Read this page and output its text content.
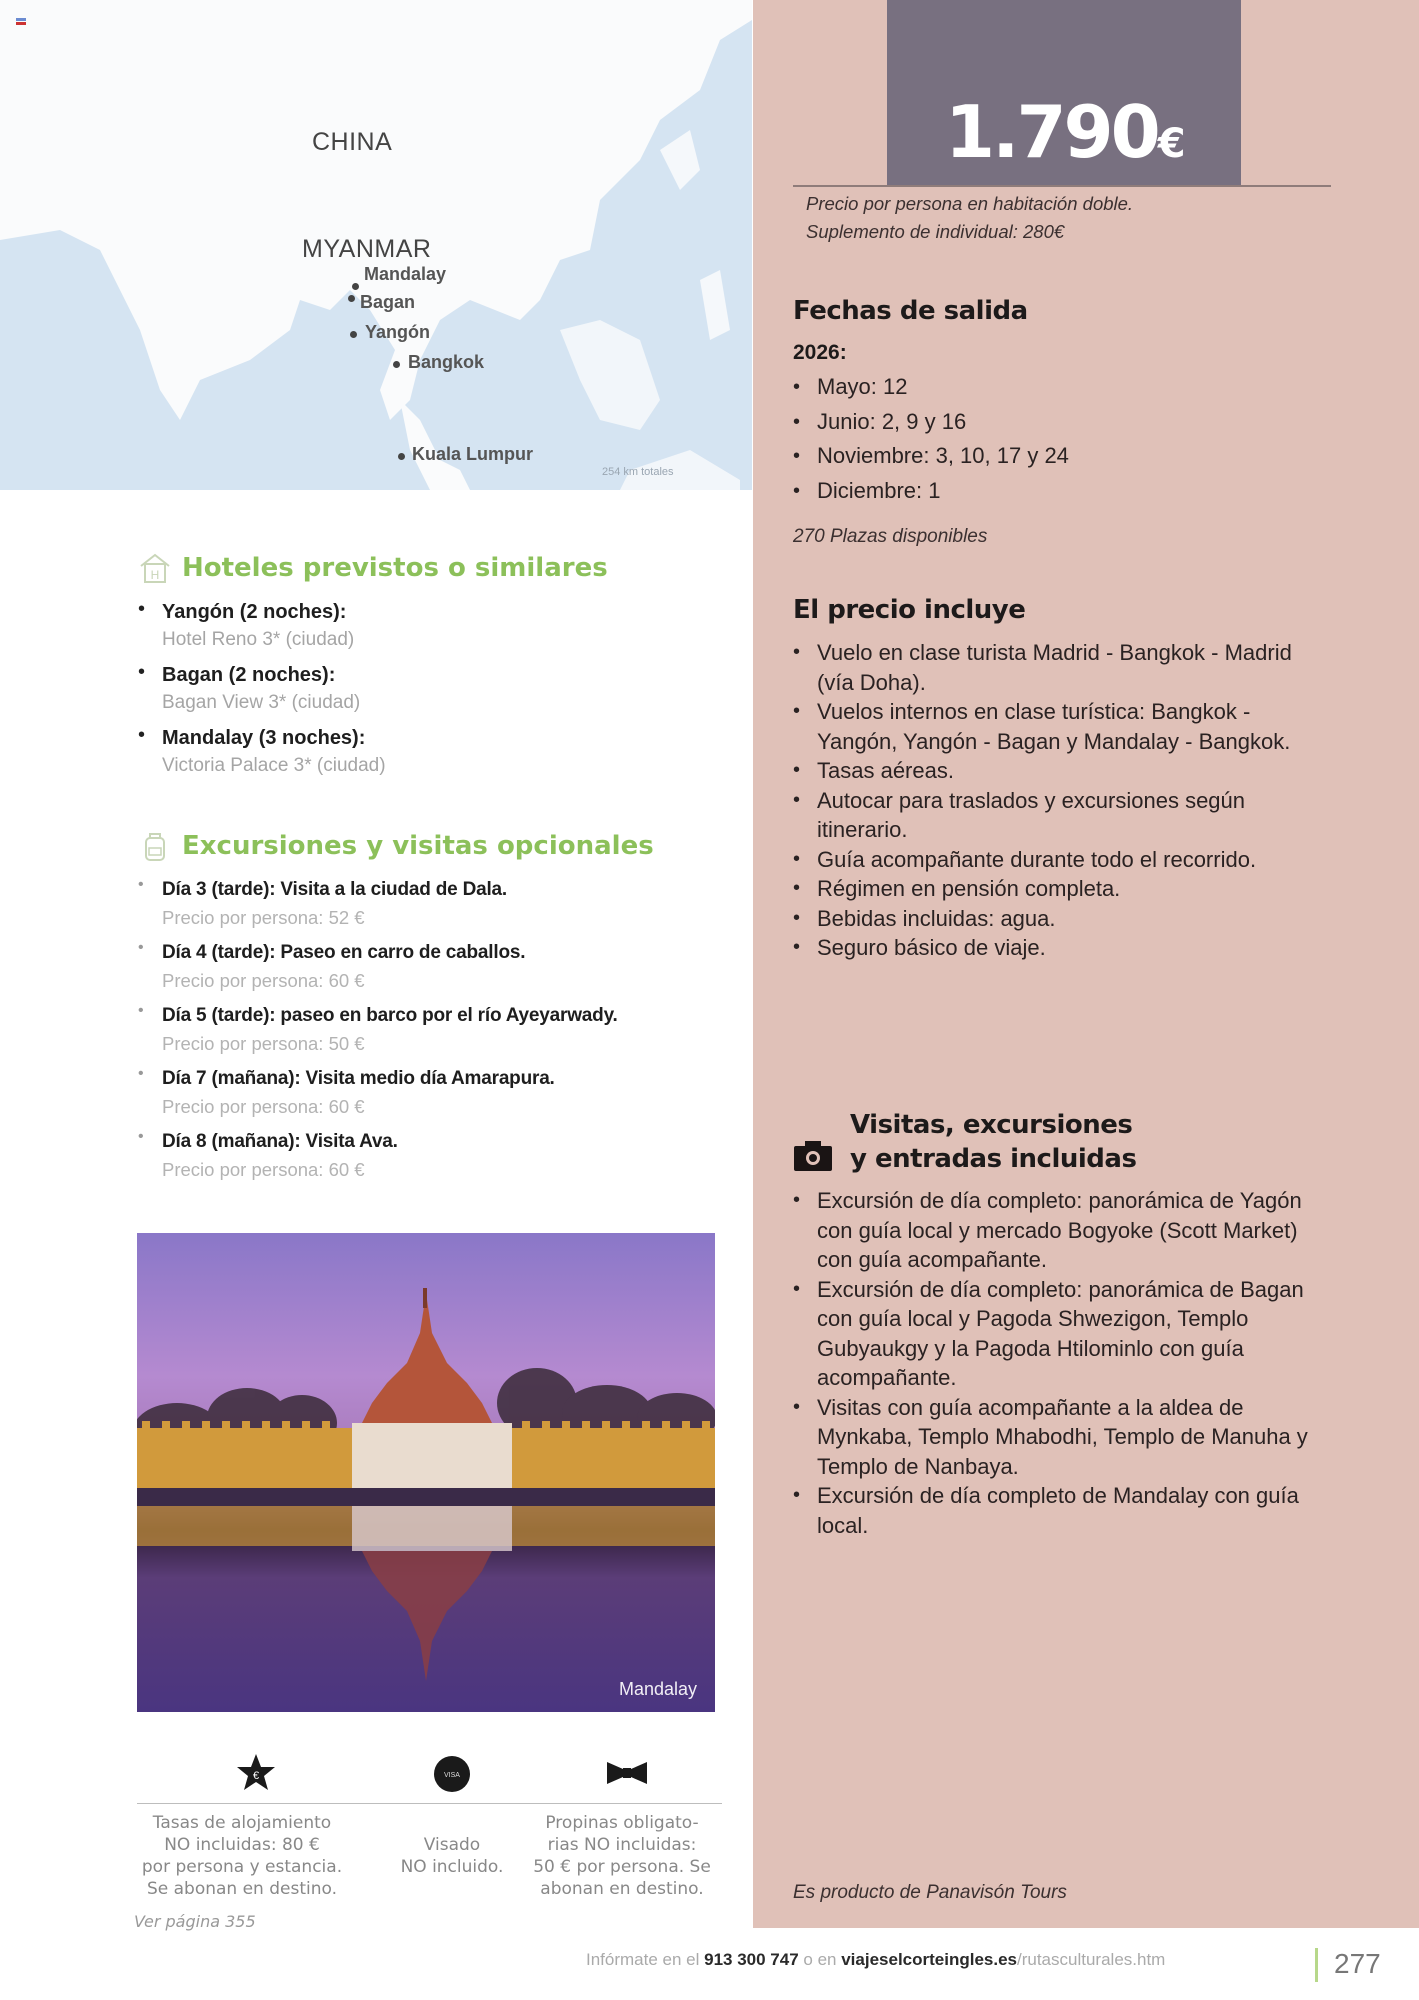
CHINA
MYANMAR
Mandalay
Bagan
Yangón
Bangkok
Kuala Lumpur
254 km totales
H Hoteles previstos o similares
• Yangón (2 noches):
Hotel Reno 3* (ciudad)
• Bagan (2 noches):
Bagan View 3* (ciudad)
• Mandalay (3 noches):
Victoria Palace 3* (ciudad)
Excursiones y visitas opcionales
• Día 3 (tarde): Visita a la ciudad de Dala.
Precio por persona: 52 €
• Día 4 (tarde): Paseo en carro de caballos.
Precio por persona: 60 €
• Día 5 (tarde): paseo en barco por el río Ayeyarwady.
Precio por persona: 50 €
• Día 7 (mañana): Visita medio día Amarapura.
Precio por persona: 60 €
• Día 8 (mañana): Visita Ava.
Precio por persona: 60 €
Mandalay
€	VISA
Tasas de alojamiento
NO incluidas: 80 €
por persona y estancia.
Se abonan en destino.
Visado
NO incluido.
Propinas obligato-
rias NO incluidas:
50 € por persona. Se
abonan en destino.
Ver página 355
1.790€
Precio por persona en habitación doble.
Suplemento de individual: 280€
Fechas de salida
2026:
• Mayo: 12
• Junio: 2, 9 y 16
• Noviembre: 3, 10, 17 y 24
• Diciembre: 1
270 Plazas disponibles
El precio incluye
• Vuelo en clase turista Madrid - Bangkok - Madrid (vía Doha).
• Vuelos internos en clase turística: Bangkok - Yangón, Yangón - Bagan y Mandalay - Bangkok.
• Tasas aéreas.
• Autocar para traslados y excursiones según itinerario.
• Guía acompañante durante todo el recorrido.
• Régimen en pensión completa.
• Bebidas incluidas: agua.
• Seguro básico de viaje.
Visitas, excursiones
y entradas incluidas
• Excursión de día completo: panorámica de Yagón con guía local y mercado Bogyoke (Scott Market) con guía acompañante.
• Excursión de día completo: panorámica de Bagan con guía local y Pagoda Shwezigon, Templo Gubyaukgy y la Pagoda Htilominlo con guía acompañante.
• Visitas con guía acompañante a la aldea de Mynkaba, Templo Mhabodhi, Templo de Manuha y Templo de Nanbaya.
• Excursión de día completo de Mandalay con guía local.
Es producto de Panavisón Tours
Infórmate en el 913 300 747 o en viajeselcorteingles.es/rutasculturales.htm	277
